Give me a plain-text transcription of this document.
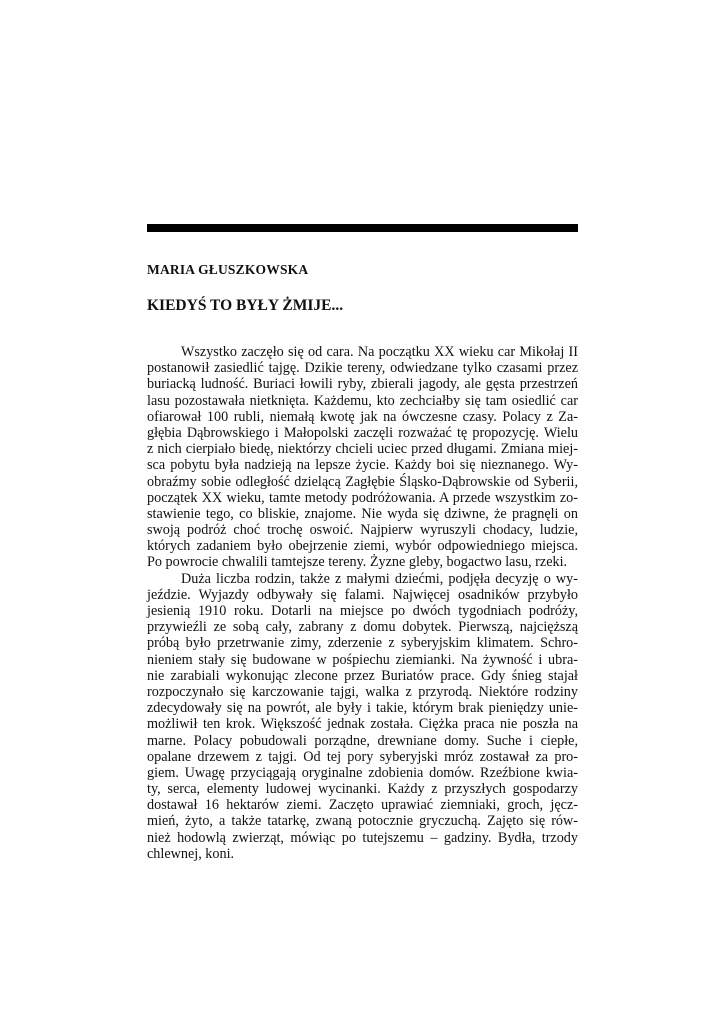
MARIA GŁUSZKOWSKA
KIEDYŚ TO BYŁY ŻMIJE...
Wszystko zaczęło się od cara. Na początku XX wieku car Mikołaj II
postanowił zasiedlić tajgę. Dzikie tereny, odwiedzane tylko czasami przez
buriacką ludność. Buriaci łowili ryby, zbierali jagody, ale gęsta przestrzeń
lasu pozostawała nietknięta. Każdemu, kto zechciałby się tam osiedlić car
ofiarował 100 rubli, niemałą kwotę jak na ówczesne czasy. Polacy z Za-
głębia Dąbrowskiego i Małopolski zaczęli rozważać tę propozycję. Wielu
z nich cierpiało biedę, niektórzy chcieli uciec przed długami. Zmiana miej-
sca pobytu była nadzieją na lepsze życie. Każdy boi się nieznanego. Wy-
obraźmy sobie odległość dzielącą Zagłębie Śląsko-Dąbrowskie od Syberii,
początek XX wieku, tamte metody podróżowania. A przede wszystkim zo-
stawienie tego, co bliskie, znajome. Nie wyda się dziwne, że pragnęli on
swoją podróż choć trochę oswoić. Najpierw wyruszyli chodacy, ludzie,
których zadaniem było obejrzenie ziemi, wybór odpowiedniego miejsca.
Po powrocie chwalili tamtejsze tereny. Żyzne gleby, bogactwo lasu, rzeki.
Duża liczba rodzin, także z małymi dziećmi, podjęła decyzję o wy-
jeździe. Wyjazdy odbywały się falami. Najwięcej osadników przybyło
jesienią 1910 roku. Dotarli na miejsce po dwóch tygodniach podróży,
przywieźli ze sobą cały, zabrany z domu dobytek. Pierwszą, najcięższą
próbą było przetrwanie zimy, zderzenie z syberyjskim klimatem. Schro-
nieniem stały się budowane w pośpiechu ziemianki. Na żywność i ubra-
nie zarabiali wykonując zlecone przez Buriatów prace. Gdy śnieg stajał
rozpoczynało się karczowanie tajgi, walka z przyrodą. Niektóre rodziny
zdecydowały się na powrót, ale były i takie, którym brak pieniędzy unie-
możliwił ten krok. Większość jednak została. Ciężka praca nie poszła na
marne. Polacy pobudowali porządne, drewniane domy. Suche i ciepłe,
opalane drzewem z tajgi. Od tej pory syberyjski mróz zostawał za pro-
giem. Uwagę przyciągają oryginalne zdobienia domów. Rzeźbione kwia-
ty, serca, elementy ludowej wycinanki. Każdy z przyszłych gospodarzy
dostawał 16 hektarów ziemi. Zaczęto uprawiać ziemniaki, groch, jęcz-
mień, żyto, a także tatarkę, zwaną potocznie gryczuchą. Zajęto się rów-
nież hodowlą zwierząt, mówiąc po tutejszemu – gadziny. Bydła, trzody
chlewnej, koni.
